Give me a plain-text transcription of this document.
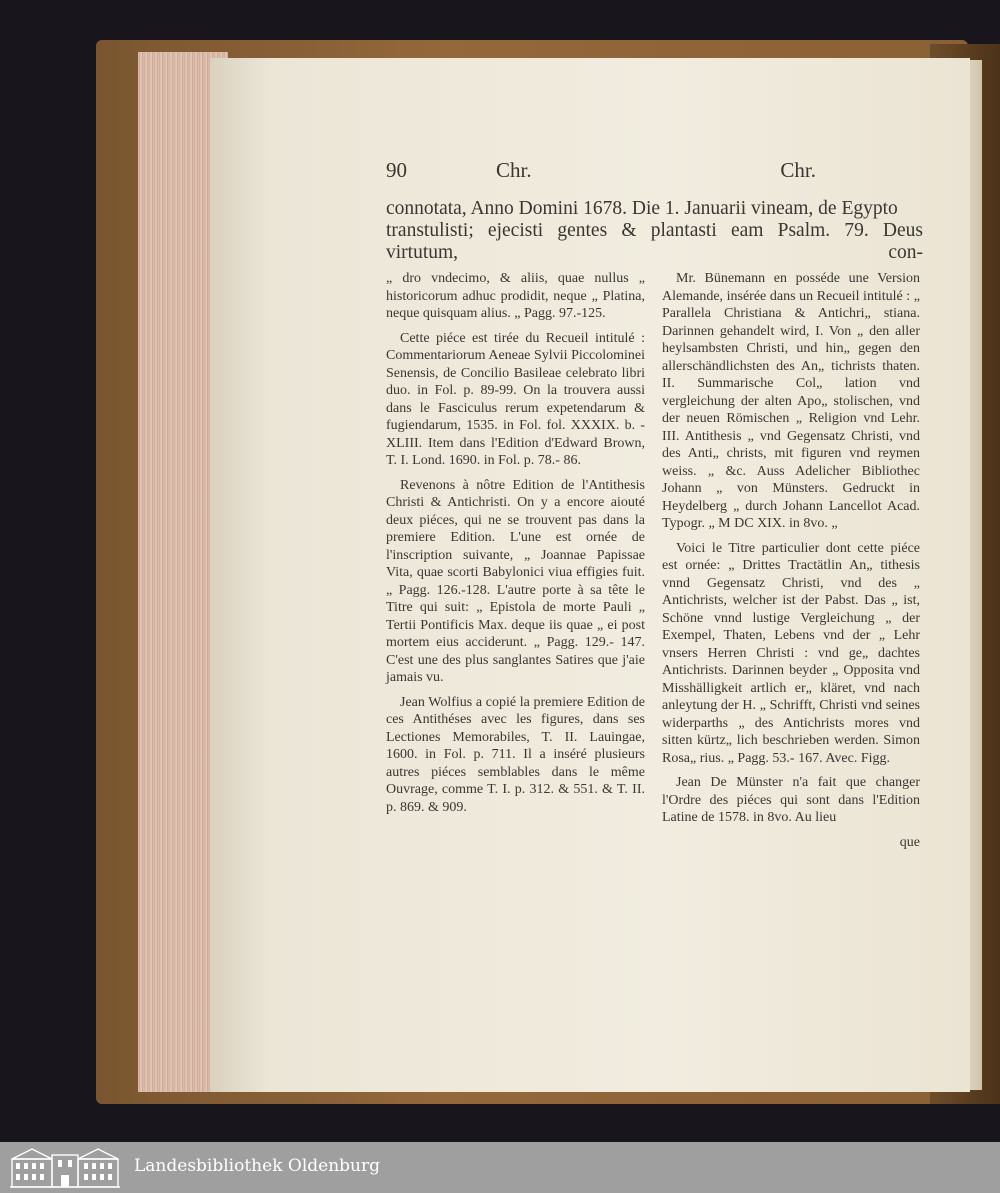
90	Chr.	Chr.
connotata, Anno Domini 1678. Die 1. Januarii vineam, de Egypto
transtulisti; ejecisti gentes & plantasti eam Psalm. 79. Deus virtutum,	con-

„ dro vndecimo, & aliis, quae nullus „ historicorum adhuc prodidit, neque „ Platina, neque quisquam alius. „ Pagg. 97.-125.

Cette piéce est tirée du Recueil intitulé : Commentariorum Aeneae Sylvii Piccolominei Senensis, de Concilio Basileae celebrato libri duo. in Fol. p. 89-99. On la trouvera aussi dans le Fasciculus rerum expetendarum & fugiendarum, 1535. in Fol. fol. XXXIX. b. - XLIII. Item dans l'Edition d'Edward Brown, T. I. Lond. 1690. in Fol. p. 78.- 86.

Revenons à nôtre Edition de l'Antithesis Christi & Antichristi. On y a encore aiouté deux piéces, qui ne se trouvent pas dans la premiere Edition. L'une est ornée de l'inscription suivante, „ Joannae Papissae Vita, quae scorti Babylonici viua effigies fuit. „ Pagg. 126.-128. L'autre porte à sa tête le Titre qui suit: „ Epistola de morte Pauli „ Tertii Pontificis Max. deque iis quae „ ei post mortem eius acciderunt. „ Pagg. 129.- 147. C'est une des plus sanglantes Satires que j'aie jamais vu.

Jean Wolfius a copié la premiere Edition de ces Antithéses avec les figures, dans ses Lectiones Memorabiles, T. II. Lauingae, 1600. in Fol. p. 711. Il a inséré plusieurs autres piéces semblables dans le même Ouvrage, comme T. I. p. 312. & 551. & T. II. p. 869. & 909.

Mr. Bünemann en posséde une Version Alemande, insérée dans un Recueil intitulé : „ Parallela Christiana & Antichri„ stiana. Darinnen gehandelt wird, I. Von „ den aller heylsambsten Christi, und hin„ gegen den allerschändlichsten des An„ tichrists thaten. II. Summarische Col„ lation vnd vergleichung der alten Apo„ stolischen, vnd der neuen Römischen „ Religion vnd Lehr. III. Antithesis „ vnd Gegensatz Christi, vnd des Anti„ christs, mit figuren vnd reymen weiss. „ &c. Auss Adelicher Bibliothec Johann „ von Münsters. Gedruckt in Heydelberg „ durch Johann Lancellot Acad. Typogr. „ M DC XIX. in 8vo. „

Voici le Titre particulier dont cette piéce est ornée: „ Drittes Tractätlin An„ tithesis vnnd Gegensatz Christi, vnd des „ Antichrists, welcher ist der Pabst. Das „ ist, Schöne vnnd lustige Vergleichung „ der Exempel, Thaten, Lebens vnd der „ Lehr vnsers Herren Christi : vnd ge„ dachtes Antichrists. Darinnen beyder „ Opposita vnd Misshälligkeit artlich er„ kläret, vnd nach anleytung der H. „ Schrifft, Christi vnd seines widerparths „ des Antichrists mores vnd sitten kürtz„ lich beschrieben werden. Simon Rosa„ rius. „ Pagg. 53.- 167. Avec. Figg.

Jean De Münster n'a fait que changer l'Ordre des piéces qui sont dans l'Edition Latine de 1578. in 8vo. Au lieu

que

Landesbibliothek Oldenburg
